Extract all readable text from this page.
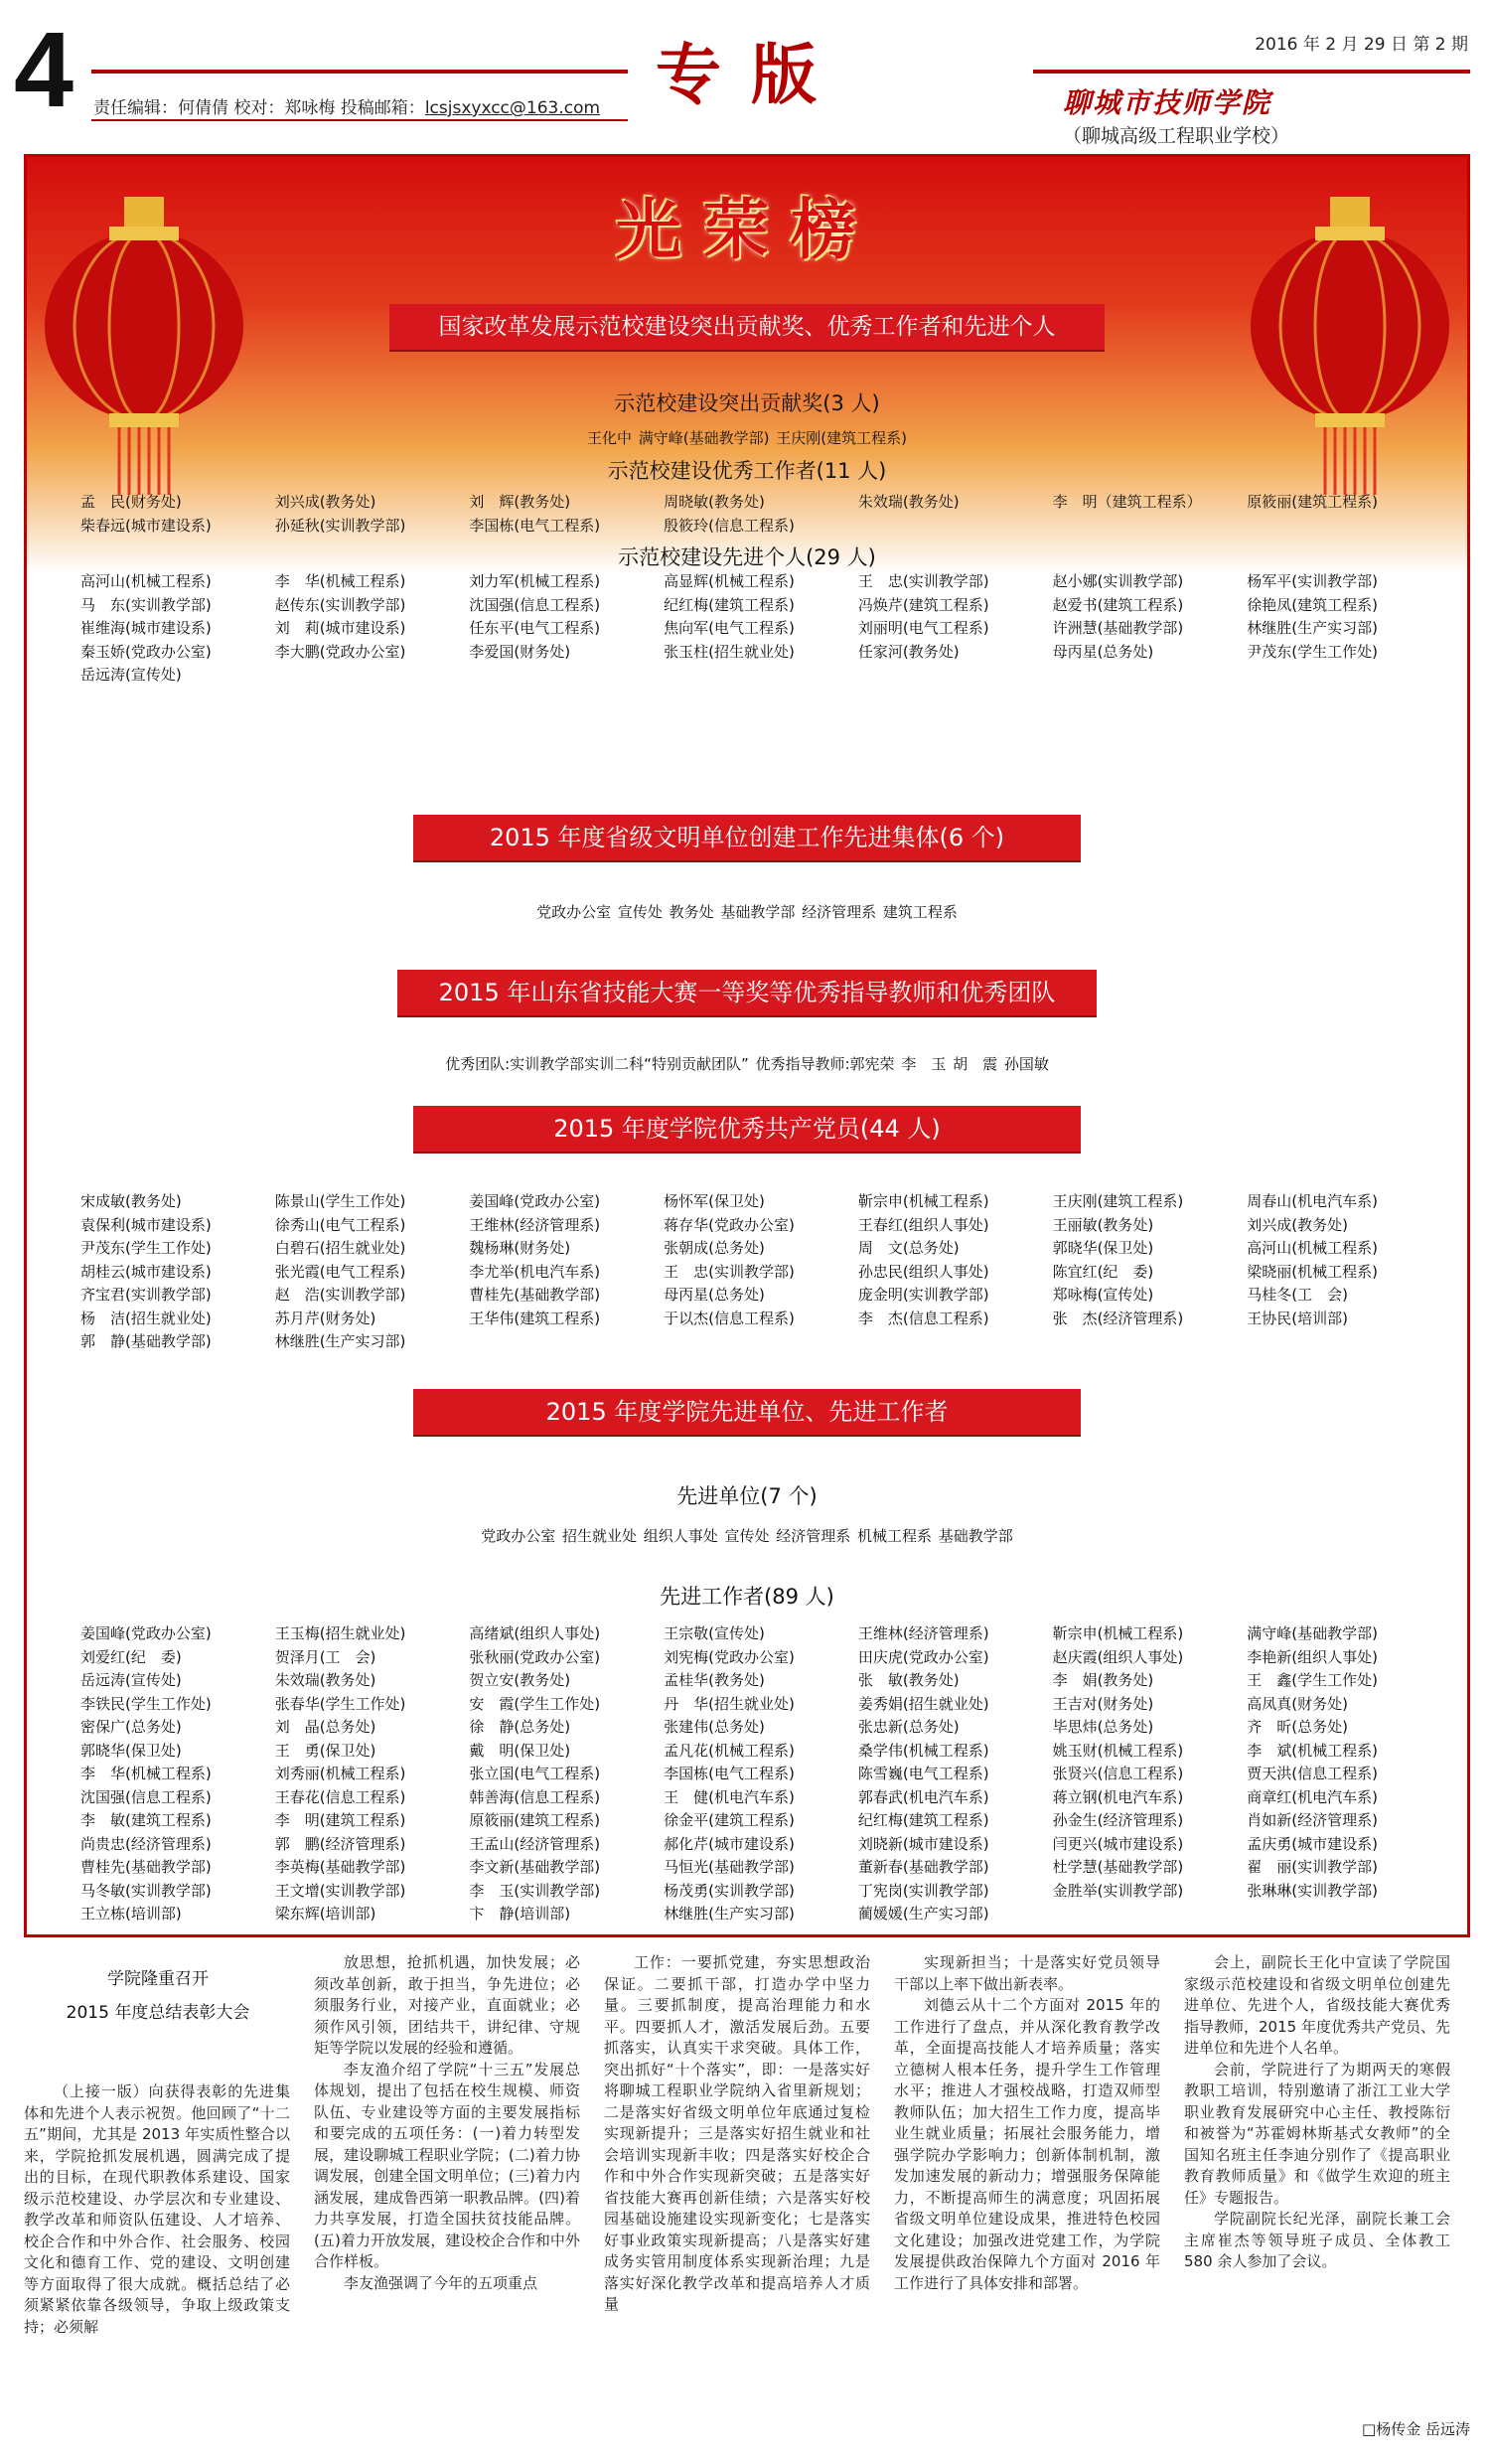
4	2016 年 2 月 29 日 第 2 期
专版
责任编辑：何倩倩 校对：郑咏梅 投稿邮箱：lcsjsxyxcc@163.com	聊城市技师学院（聊城高级工程职业学校）
光荣榜
国家改革发展示范校建设突出贡献奖、优秀工作者和先进个人
示范校建设突出贡献奖(3 人)
王化中 满守峰(基础教学部) 王庆刚(建筑工程系)
示范校建设优秀工作者(11 人)
孟　民(财务处)	刘兴成(教务处)	刘　辉(教务处)	周晓敏(教务处)	朱效瑞(教务处)	李　明（建筑工程系）	原筱丽(建筑工程系)
柴春远(城市建设系)	孙延秋(实训教学部)	李国栋(电气工程系)	殷筱玲(信息工程系)
示范校建设先进个人(29 人)
高河山(机械工程系)	李　华(机械工程系)	刘力军(机械工程系)	高显辉(机械工程系)	王　忠(实训教学部)	赵小娜(实训教学部)	杨军平(实训教学部)
马　东(实训教学部)	赵传东(实训教学部)	沈国强(信息工程系)	纪红梅(建筑工程系)	冯焕芹(建筑工程系)	赵爱书(建筑工程系)	徐艳凤(建筑工程系)
崔维海(城市建设系)	刘　莉(城市建设系)	任东平(电气工程系)	焦向军(电气工程系)	刘丽明(电气工程系)	许洲慧(基础教学部)	林继胜(生产实习部)
秦玉娇(党政办公室)	李大鹏(党政办公室)	李爱国(财务处)	张玉柱(招生就业处)	任家河(教务处)	母丙星(总务处)	尹茂东(学生工作处)
岳远涛(宣传处)
2015 年度省级文明单位创建工作先进集体(6 个)
党政办公室 宣传处 教务处 基础教学部 经济管理系 建筑工程系
2015 年山东省技能大赛一等奖等优秀指导教师和优秀团队
优秀团队:实训教学部实训二科“特别贡献团队” 优秀指导教师:郭宪荣 李　玉 胡　震 孙国敏
2015 年度学院优秀共产党员(44 人)
宋成敏(教务处)	陈景山(学生工作处)	姜国峰(党政办公室)	杨怀军(保卫处)	靳宗申(机械工程系)	王庆刚(建筑工程系)	周春山(机电汽车系)
袁保利(城市建设系)	徐秀山(电气工程系)	王维林(经济管理系)	蒋存华(党政办公室)	王春红(组织人事处)	王丽敏(教务处)	刘兴成(教务处)
尹茂东(学生工作处)	白碧石(招生就业处)	魏杨琳(财务处)	张朝成(总务处)	周　文(总务处)	郭晓华(保卫处)	高河山(机械工程系)
胡桂云(城市建设系)	张光霞(电气工程系)	李尤举(机电汽车系)	王　忠(实训教学部)	孙忠民(组织人事处)	陈宜红(纪　委)	梁晓丽(机械工程系)
齐宝君(实训教学部)	赵　浩(实训教学部)	曹桂先(基础教学部)	母丙星(总务处)	庞金明(实训教学部)	郑咏梅(宣传处)	马桂冬(工　会)
杨　洁(招生就业处)	苏月芹(财务处)	王华伟(建筑工程系)	于以杰(信息工程系)	李　杰(信息工程系)	张　杰(经济管理系)	王协民(培训部)
郭　静(基础教学部)	林继胜(生产实习部)
2015 年度学院先进单位、先进工作者
先进单位(7 个)
党政办公室 招生就业处 组织人事处 宣传处 经济管理系 机械工程系 基础教学部
先进工作者(89 人)
姜国峰(党政办公室)	王玉梅(招生就业处)	高绪斌(组织人事处)	王宗敬(宣传处)	王维林(经济管理系)	靳宗申(机械工程系)	满守峰(基础教学部)
刘爱红(纪　委)	贺泽月(工　会)	张秋丽(党政办公室)	刘宪梅(党政办公室)	田庆虎(党政办公室)	赵庆霞(组织人事处)	李艳新(组织人事处)
岳远涛(宣传处)	朱效瑞(教务处)	贺立安(教务处)	孟桂华(教务处)	张　敏(教务处)	李　娟(教务处)	王　鑫(学生工作处)
李铁民(学生工作处)	张春华(学生工作处)	安　霞(学生工作处)	丹　华(招生就业处)	姜秀娟(招生就业处)	王吉对(财务处)	高凤真(财务处)
密保广(总务处)	刘　晶(总务处)	徐　静(总务处)	张建伟(总务处)	张忠新(总务处)	毕思炜(总务处)	齐　昕(总务处)
郭晓华(保卫处)	王　勇(保卫处)	戴　明(保卫处)	孟凡花(机械工程系)	桑学伟(机械工程系)	姚玉财(机械工程系)	李　斌(机械工程系)
李　华(机械工程系)	刘秀丽(机械工程系)	张立国(电气工程系)	李国栋(电气工程系)	陈雪巍(电气工程系)	张贤兴(信息工程系)	贾天洪(信息工程系)
沈国强(信息工程系)	王春花(信息工程系)	韩善海(信息工程系)	王　健(机电汽车系)	郭春武(机电汽车系)	蒋立钢(机电汽车系)	商章红(机电汽车系)
李　敏(建筑工程系)	李　明(建筑工程系)	原筱丽(建筑工程系)	徐金平(建筑工程系)	纪红梅(建筑工程系)	孙金生(经济管理系)	肖如新(经济管理系)
尚贵忠(经济管理系)	郭　鹏(经济管理系)	王孟山(经济管理系)	郝化芹(城市建设系)	刘晓新(城市建设系)	闫更兴(城市建设系)	孟庆勇(城市建设系)
曹桂先(基础教学部)	李英梅(基础教学部)	李文新(基础教学部)	马恒光(基础教学部)	董新春(基础教学部)	杜学慧(基础教学部)	翟　丽(实训教学部)
马冬敏(实训教学部)	王文增(实训教学部)	李　玉(实训教学部)	杨茂勇(实训教学部)	丁宪岗(实训教学部)	金胜举(实训教学部)	张琳琳(实训教学部)
王立栋(培训部)	梁东辉(培训部)	卞　静(培训部)	林继胜(生产实习部)	蔺媛媛(生产实习部)
学院隆重召开
2015 年度总结表彰大会

（上接一版）向获得表彰的先进集体和先进个人表示祝贺。他回顾了“十二五”期间，尤其是 2013 年实质性整合以来，学院抢抓发展机遇，圆满完成了提出的目标，在现代职教体系建设、国家级示范校建设、办学层次和专业建设、教学改革和师资队伍建设、人才培养、校企合作和中外合作、社会服务、校园文化和德育工作、党的建设、文明创建等方面取得了很大成就。概括总结了必须紧紧依靠各级领导，争取上级政策支持；必须解

放思想，抢抓机遇，加快发展；必须改革创新，敢于担当，争先进位；必须服务行业，对接产业，直面就业；必须作风引领，团结共干，讲纪律、守规矩等学院以发展的经验和遵循。

李友渔介绍了学院“十三五”发展总体规划，提出了包括在校生规模、师资队伍、专业建设等方面的主要发展指标和要完成的五项任务：(一)着力转型发展，建设聊城工程职业学院；(二)着力协调发展，创建全国文明单位；(三)着力内涵发展，建成鲁西第一职教品牌。(四)着力共享发展，打造全国扶贫技能品牌。(五)着力开放发展，建设校企合作和中外合作样板。

李友渔强调了今年的五项重点

工作：一要抓党建，夯实思想政治保证。二要抓干部，打造办学中坚力量。三要抓制度，提高治理能力和水平。四要抓人才，激活发展后劲。五要抓落实，认真实干求突破。具体工作，突出抓好“十个落实”，即：一是落实好将聊城工程职业学院纳入省里新规划；二是落实好省级文明单位年底通过复检实现新提升；三是落实好招生就业和社会培训实现新丰收；四是落实好校企合作和中外合作实现新突破；五是落实好省技能大赛再创新佳绩；六是落实好校园基础设施建设实现新变化；七是落实好事业政策实现新提高；八是落实好建成务实管用制度体系实现新治理；九是落实好深化教学改革和提高培养人才质量

实现新担当；十是落实好党员领导干部以上率下做出新表率。

刘德云从十二个方面对 2015 年的工作进行了盘点，并从深化教育教学改革，全面提高技能人才培养质量；落实立德树人根本任务，提升学生工作管理水平；推进人才强校战略，打造双师型教师队伍；加大招生工作力度，提高毕业生就业质量；拓展社会服务能力，增强学院办学影响力；创新体制机制，激发加速发展的新动力；增强服务保障能力，不断提高师生的满意度；巩固拓展省级文明单位建设成果，推进特色校园文化建设；加强改进党建工作，为学院发展提供政治保障九个方面对 2016 年工作进行了具体安排和部署。

会上，副院长王化中宣读了学院国家级示范校建设和省级文明单位创建先进单位、先进个人，省级技能大赛优秀指导教师，2015 年度优秀共产党员、先进单位和先进个人名单。

会前，学院进行了为期两天的寒假教职工培训，特别邀请了浙江工业大学职业教育发展研究中心主任、教授陈衍和被誉为“苏霍姆林斯基式女教师”的全国知名班主任李迪分别作了《提高职业教育教师质量》和《做学生欢迎的班主任》专题报告。

学院副院长纪光泽，副院长兼工会主席崔杰等领导班子成员、全体教工 580 余人参加了会议。

□杨传金 岳远涛
